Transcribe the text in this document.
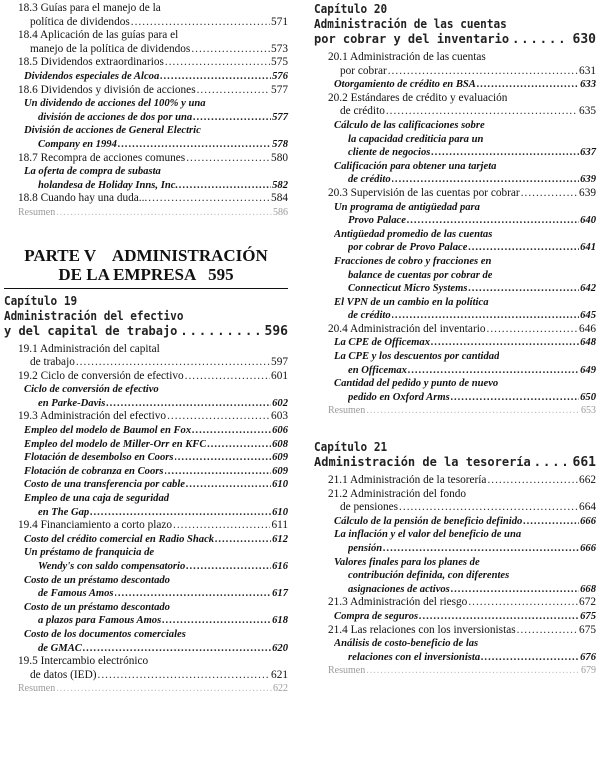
18.3 Guías para el manejo de la
política de dividendos .....	571
18.4 Aplicación de las guías para el
manejo de la política de dividendos .....	573
18.5 Dividendos extraordinarios .....	575
Dividendos especiales de Alcoa .....	576
18.6 Dividendos y división de acciones .....	577
Un dividendo de acciones del 100% y una
división de acciones de dos por una .....	577
División de acciones de General Electric
Company en 1994 .....	578
18.7 Recompra de acciones comunes .....	580
La oferta de compra de subasta
holandesa de Holiday Inns, Inc. .....	582
18.8 Cuando hay una duda... .....	584
Resumen .....	586
PARTE V    ADMINISTRACIÓN
DE LA EMPRESA   595
Capítulo 19
Administración del efectivo
y del capital de trabajo .....	596
19.1 Administración del capital
de trabajo .....	597
19.2 Ciclo de conversión de efectivo .....	601
Ciclo de conversión de efectivo
en Parke-Davis .....	602
19.3 Administración del efectivo .....	603
Empleo del modelo de Baumol en Fox .....	606
Empleo del modelo de Miller-Orr en KFC .....	608
Flotación de desembolso en Coors .....	609
Flotación de cobranza en Coors .....	609
Costo de una transferencia por cable .....	610
Empleo de una caja de seguridad
en The Gap .....	610
19.4 Financiamiento a corto plazo .....	611
Costo del crédito comercial en Radio Shack .....	612
Un préstamo de franquicia de
Wendy's con saldo compensatorio .....	616
Costo de un préstamo descontado
de Famous Amos .....	617
Costo de un préstamo descontado
a plazos para Famous Amos .....	618
Costo de los documentos comerciales
de GMAC .....	620
19.5 Intercambio electrónico
de datos (IED) .....	621
Resumen .....	622
Capítulo 20
Administración de las cuentas
por cobrar y del inventario .....	630
20.1 Administración de las cuentas
por cobrar .....	631
Otorgamiento de crédito en BSA .....	633
20.2 Estándares de crédito y evaluación
de crédito .....	635
Cálculo de las calificaciones sobre
la capacidad crediticia para un
cliente de negocios .....	637
Calificación para obtener una tarjeta
de crédito .....	639
20.3 Supervisión de las cuentas por cobrar .....	639
Un programa de antigüedad para
Provo Palace .....	640
Antigüedad promedio de las cuentas
por cobrar de Provo Palace .....	641
Fracciones de cobro y fracciones en
balance de cuentas por cobrar de
Connecticut Micro Systems .....	642
El VPN de un cambio en la política
de crédito .....	645
20.4 Administración del inventario .....	646
La CPE de Officemax .....	648
La CPE y los descuentos por cantidad
en Officemax .....	649
Cantidad del pedido y punto de nuevo
pedido en Oxford Arms .....	650
Resumen .....	653
Capítulo 21
Administración de la tesorería .....	661
21.1 Administración de la tesorería .....	662
21.2 Administración del fondo
de pensiones .....	664
Cálculo de la pensión de beneficio definido .....	666
La inflación y el valor del beneficio de una
pensión .....	666
Valores finales para los planes de
contribución definida, con diferentes
asignaciones de activos .....	668
21.3 Administración del riesgo .....	672
Compra de seguros .....	675
21.4 Las relaciones con los inversionistas .....	675
Análisis de costo-beneficio de las
relaciones con el inversionista .....	676
Resumen .....	679
